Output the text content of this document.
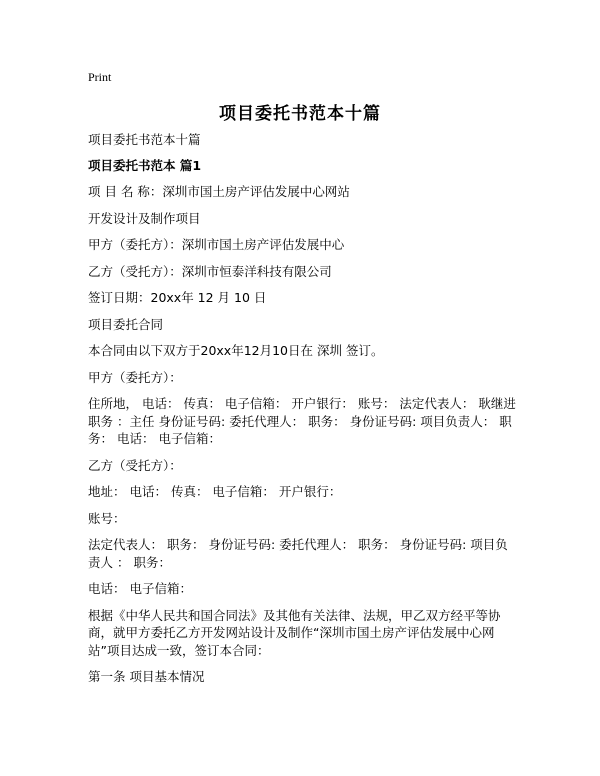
Print
项目委托书范本十篇

项目委托书范本十篇

项目委托书范本 篇1

项 目 名 称：深圳市国土房产评估发展中心网站

开发设计及制作项目

甲方（委托方）：深圳市国土房产评估发展中心

乙方（受托方）：深圳市恒泰洋科技有限公司

签订日期：20xx年 12 月 10 日

项目委托合同

本合同由以下双方于20xx年12月10日在 深圳 签订。

甲方（委托方）：

住所地， 电话： 传真： 电子信箱： 开户银行： 账号： 法定代表人： 耿继进 职务 ：主任 身份证号码: 委托代理人： 职务： 身份证号码: 项目负责人： 职务： 电话： 电子信箱：

乙方（受托方）：

地址： 电话： 传真： 电子信箱： 开户银行：

账号：

法定代表人： 职务： 身份证号码: 委托代理人： 职务： 身份证号码: 项目负责人 ： 职务：

电话： 电子信箱：

根据《中华人民共和国合同法》及其他有关法律、法规，甲乙双方经平等协商，就甲方委托乙方开发网站设计及制作“深圳市国土房产评估发展中心网站”项目达成一致，签订本合同：

第一条 项目基本情况
